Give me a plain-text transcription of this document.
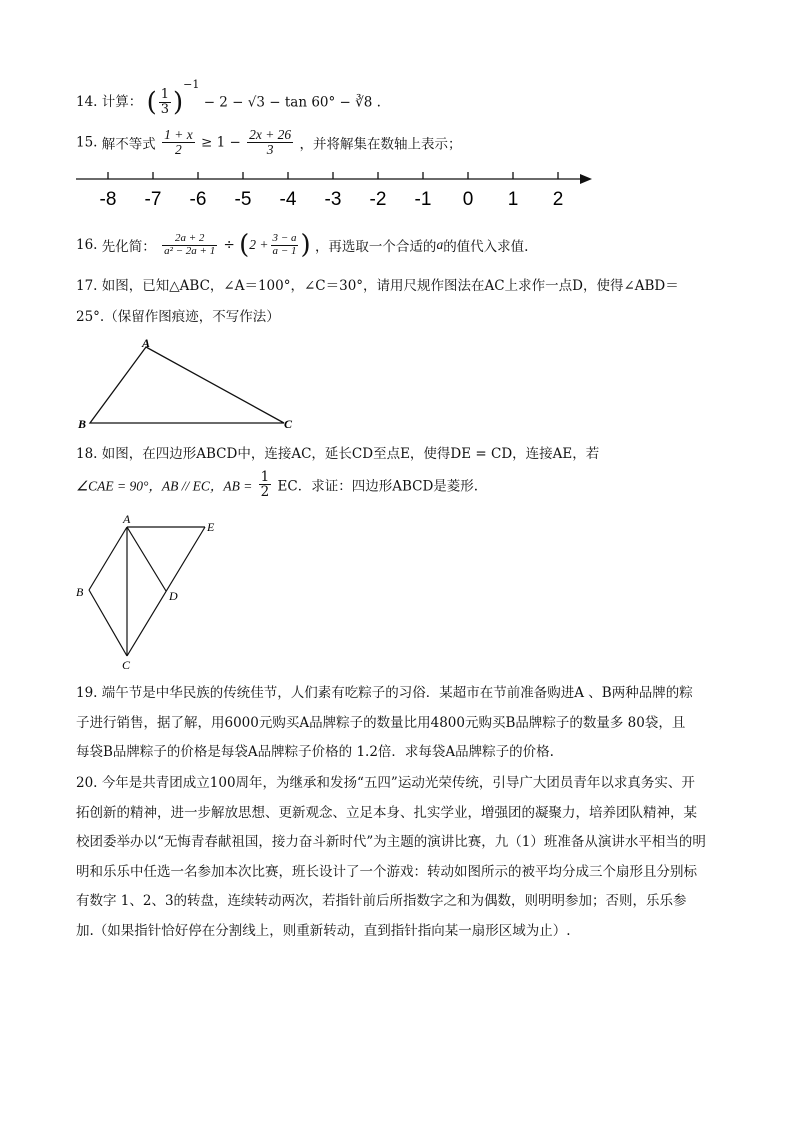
14. 计算： ( $\frac{1}{3} )^{-1} - 2 - √3 - \tan 60^\circ$ − ∛8 .
15. 解不等式 $\frac{1 + x}{2} \ge 1 - \frac{2x + 26}{3}$ ，并将解集在数轴上表示；
-8 -7 -6 -5 -4 -3 -2 -1 0 1 2
16. 先化简： $\frac{2a + 2}{\text{a² − 2a + 1}} \div (2 + \frac{3 - a}{a - 1}$ ) ，再选取一个合适的a的值代入求值.
17. 如图，已知△ABC，∠A＝100°，∠C＝30°，请用尺规作图法在AC上求作一点D，使得∠ABD＝
25°.（保留作图痕迹，不写作法）
A
B	C
18. 如图，在四边形ABCD中，连接AC，延长CD至点E，使得DE = CD，连接AE，若
∠CAE = 90°，AB // EC，AB = $\frac{1}{2}$ EC．求证：四边形ABCD是菱形.
A
E
B	D
C
19. 端午节是中华民族的传统佳节，人们素有吃粽子的习俗．某超市在节前准备购进A 、B两种品牌的粽
子进行销售，据了解，用6000元购买A品牌粽子的数量比用4800元购买B品牌粽子的数量多 80袋，且
每袋B品牌粽子的价格是每袋A品牌粽子价格的 1.2倍．求每袋A品牌粽子的价格.
20. 今年是共青团成立100周年，为继承和发扬“五四”运动光荣传统，引导广大团员青年以求真务实、开
拓创新的精神，进一步解放思想、更新观念、立足本身、扎实学业，增强团的凝聚力，培养团队精神，某
校团委举办以“无悔青春献祖国，接力奋斗新时代”为主题的演讲比赛，九（1）班准备从演讲水平相当的明
明和乐乐中任选一名参加本次比赛，班长设计了一个游戏：转动如图所示的被平均分成三个扇形且分别标
有数字 1、2、3的转盘，连续转动两次，若指针前后所指数字之和为偶数，则明明参加；否则，乐乐参
加.（如果指针恰好停在分割线上，则重新转动，直到指针指向某一扇形区域为止）.
